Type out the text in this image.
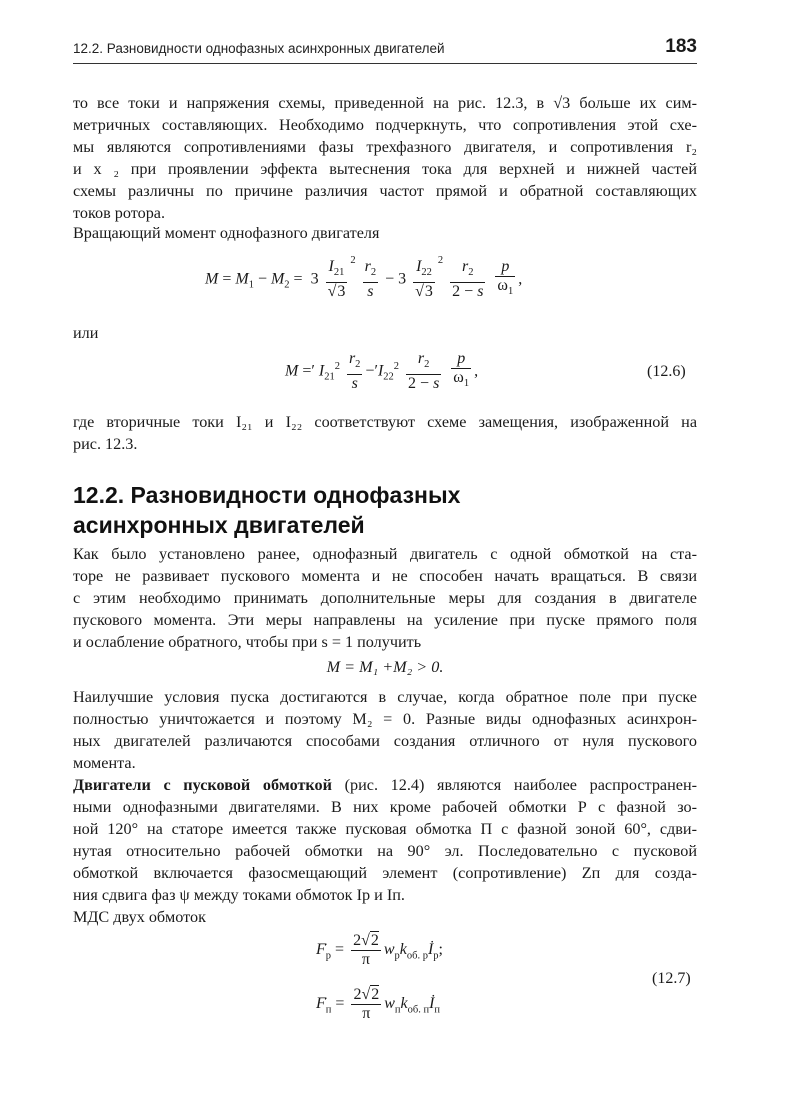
12.2. Разновидности однофазных асинхронных двигателей	183
то все токи и напряжения схемы, приведенной на рис. 12.3, в √3 больше их сим-
метричных составляющих. Необходимо подчеркнуть, что сопротивления этой схе-
мы являются сопротивлениями фазы трехфазного двигателя, и сопротивления r₂
и x ₂ при проявлении эффекта вытеснения тока для верхней и нижней частей
схемы различны по причине различия частот прямой и обратной составляющих
токов ротора.
Вращающий момент однофазного двигателя
$M = M_1 - M_2 = 3 \frac{I_{21}}{√3} ^2 \frac{r_2}{s} - 3 \frac{I_{22}}{√3} ^2 \frac{r_2}{2 - s}$
$\frac{p}{\omega_1}$ ,
или
M =′ $I_{21}^2 \frac{r_2}{s} -'I_{22}^2 \frac{r_2}{2 - s}$
$\frac{p}{\omega_1}$ ,	(12.6)
где вторичные токи I₂₁ и I₂₂ соответствуют схеме замещения, изображенной на
рис. 12.3.
12.2. Разновидности однофазных
асинхронных двигателей
Как было установлено ранее, однофазный двигатель с одной обмоткой на ста-
торе не развивает пускового момента и не способен начать вращаться. В связи
с этим необходимо принимать дополнительные меры для создания в двигателе
пускового момента. Эти меры направлены на усиление при пуске прямого поля
и ослабление обратного, чтобы при s = 1 получить
M = M₁ +M₂ > 0.
Наилучшие условия пуска достигаются в случае, когда обратное поле при пуске
полностью уничтожается и поэтому M₂ = 0. Разные виды однофазных асинхрон-
ных двигателей различаются способами создания отличного от нуля пускового
момента.
Двигатели с пусковой обмоткой (рис. 12.4) являются наиболее распространен-
ными однофазными двигателями. В них кроме рабочей обмотки Р с фазной зо-
ной 120° на статоре имеется также пусковая обмотка П с фазной зоной 60°, сдви-
нутая относительно рабочей обмотки на 90° эл. Последовательно с пусковой
обмоткой включается фазосмещающий элемент (сопротивление) Zп для созда-
ния сдвига фаз ψ между токами обмоток Iр и Iп.
МДС двух обмоток
$F_р = \frac{2√2}{\pi}$ $w_рk_{об. р}İ_р$;
$F_п = \frac{2√2}{\pi}$ $w_пk_{об. п}İ_п$
(12.7)
